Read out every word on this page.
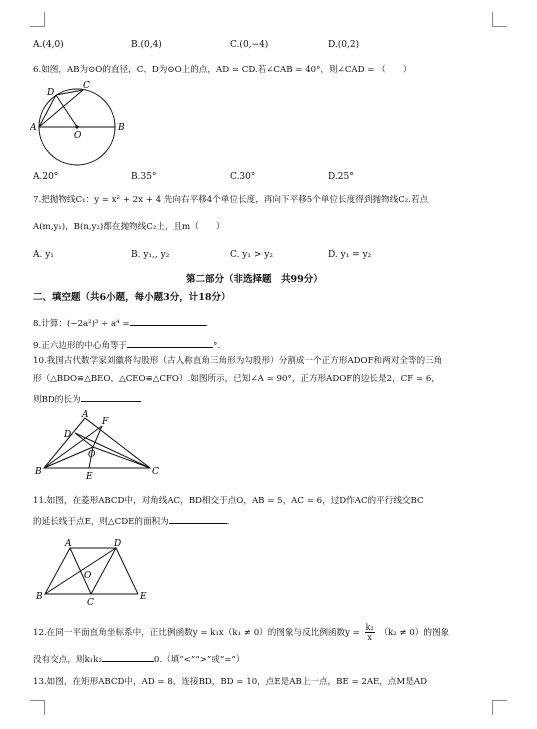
A.(4,0)	B.(0,4)	C.(0,−4)	D.(0,2)
6.如图，AB为⊙O的直径，C、D为⊙O上的点，AD = CD.若∠CAB = 40°，则∠CAD = （　　）
A	B
C
D
O
A.20°	B.35°	C.30°	D.25°
7.把抛物线C₁：y = x² + 2x + 4 先向右平移4个单位长度，再向下平移5个单位长度得到抛物线C₂.若点
A(m,y₁)，B(n,y₂)都在抛物线C₂上，且m（　　）
A. y₁	B. y₁,, y₂	C. y₁ > y₂	D. y₁ = y₂
第二部分（非选择题　共99分）
二、填空题（共6小题，每小题3分，计18分）
8.计算：(−2a²)³ ÷ a⁴ =	.
9.正六边形的中心角等于	°.
10.我国古代数学家刘徽将勾股形（古人称直角三角形为勾股形）分割成一个正方形ADOF和两对全等的三角
形（△BDO≌△BEO，△CEO≌△CFO）.如图所示，已知∠A = 90°，正方形ADOF的边长是2，CF = 6，
则BD的长为
A
B	C
D
E
F
O
11.如图，在菱形ABCD中，对角线AC，BD相交于点O，AB = 5，AC = 6，过D作AC的平行线交BC
的延长线于点E，则△CDE的面积为	.
A
B
C
D
E
O
12.在同一平面直角坐标系中，正比例函数y = k₁x（k₁ ≠ 0）的图象与反比例函数$y = \frac{\text{k₂}}{x} (k_2 \ne 0)$的图象
没有交点，则k₁k₂	0.（填“<”“>”或“=”）
13.如图，在矩形ABCD中，AD = 8，连接BD，BD = 10，点E是AB上一点，BE = 2AE，点M是AD
